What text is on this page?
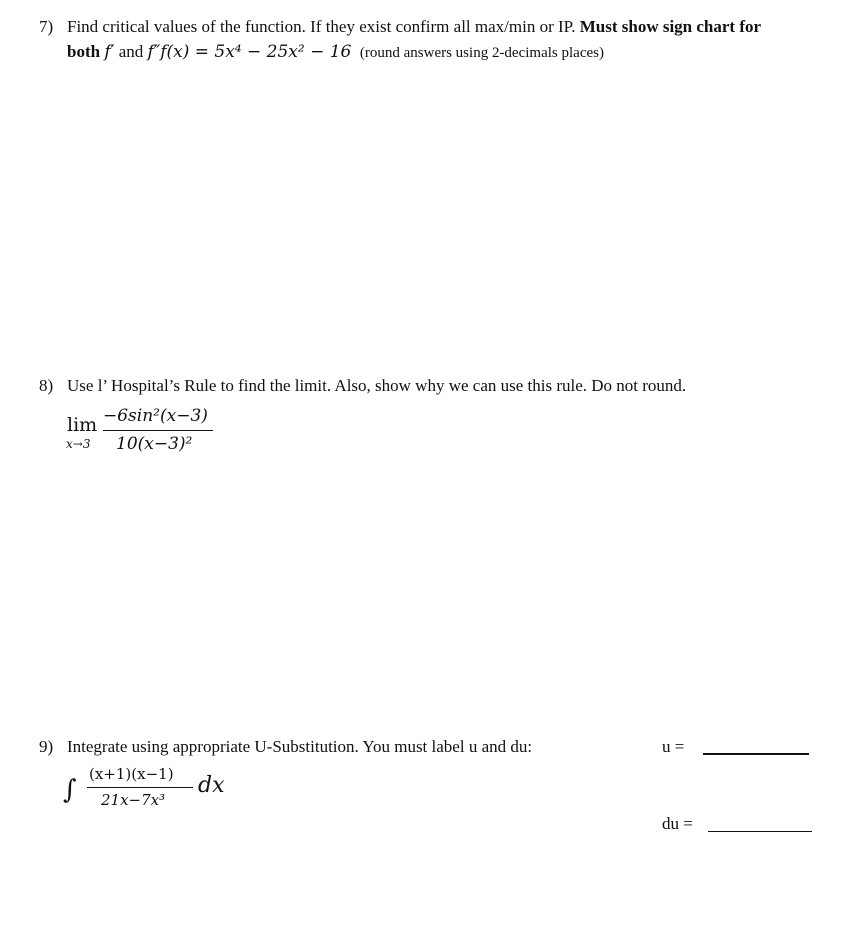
7) Find critical values of the function. If they exist confirm all max/min or IP. Must show sign chart for
both f′ and f″f(x) = 5x⁴ − 25x² − 16 (round answers using 2-decimals places)
8) Use l’ Hospital’s Rule to find the limit. Also, show why we can use this rule. Do not round.
lim
x→3
−6sin²(x−3)
10(x−3)²
9) Integrate using appropriate U-Substitution. You must label u and du:	u =
∫
(x+1)(x−1)
21x−7x³
dx
du =
